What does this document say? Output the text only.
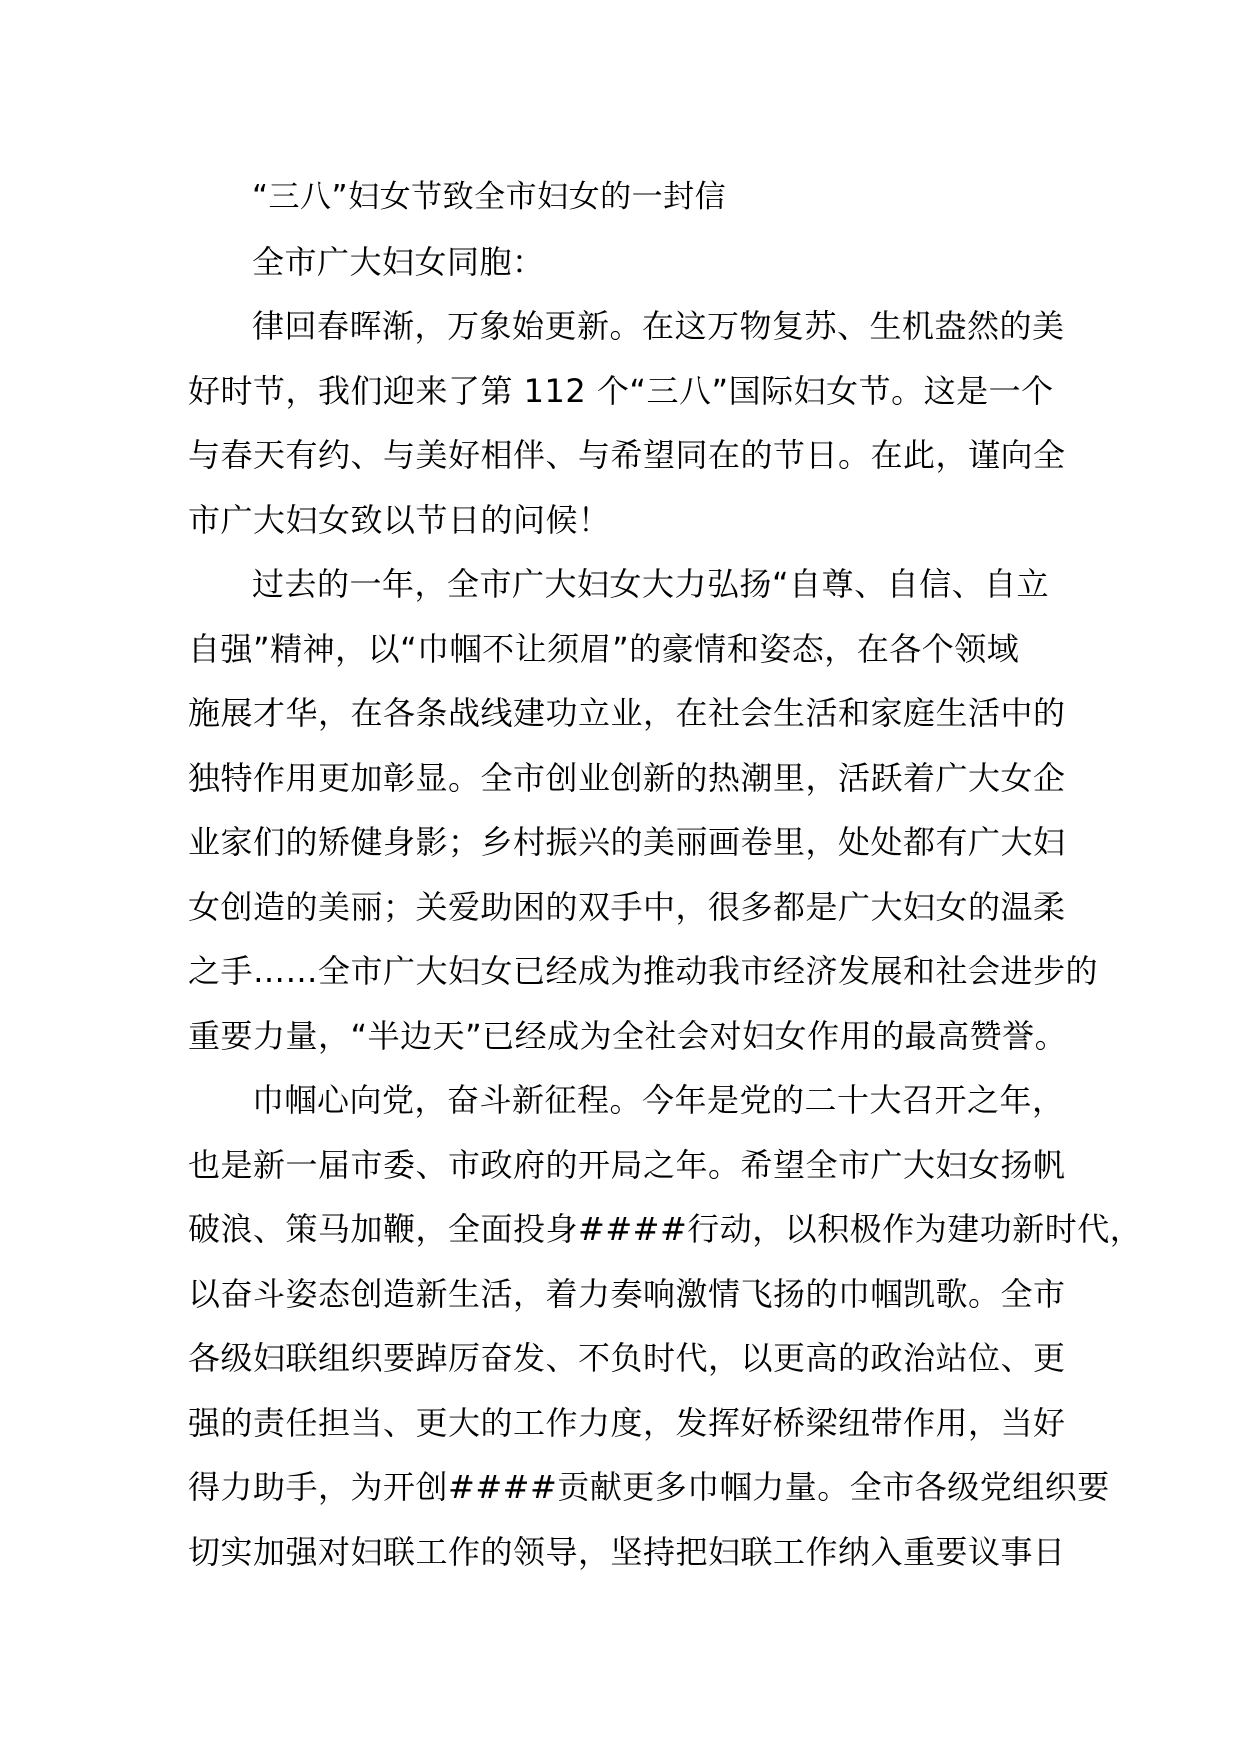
“三八”妇女节致全市妇女的一封信
全市广大妇女同胞：
律回春晖渐，万象始更新。在这万物复苏、生机盎然的美
好时节，我们迎来了第 112 个“三八”国际妇女节。这是一个
与春天有约、与美好相伴、与希望同在的节日。在此，谨向全
市广大妇女致以节日的问候！
过去的一年，全市广大妇女大力弘扬“自尊、自信、自立
自强”精神，以“巾帼不让须眉”的豪情和姿态，在各个领域
施展才华，在各条战线建功立业，在社会生活和家庭生活中的
独特作用更加彰显。全市创业创新的热潮里，活跃着广大女企
业家们的矫健身影；乡村振兴的美丽画卷里，处处都有广大妇
女创造的美丽；关爱助困的双手中，很多都是广大妇女的温柔
之手……全市广大妇女已经成为推动我市经济发展和社会进步的
重要力量，“半边天”已经成为全社会对妇女作用的最高赞誉。
巾帼心向党，奋斗新征程。今年是党的二十大召开之年，
也是新一届市委、市政府的开局之年。希望全市广大妇女扬帆
破浪、策马加鞭，全面投身####行动，以积极作为建功新时代，
以奋斗姿态创造新生活，着力奏响激情飞扬的巾帼凯歌。全市
各级妇联组织要踔厉奋发、不负时代，以更高的政治站位、更
强的责任担当、更大的工作力度，发挥好桥梁纽带作用，当好
得力助手，为开创####贡献更多巾帼力量。全市各级党组织要
切实加强对妇联工作的领导，坚持把妇联工作纳入重要议事日
